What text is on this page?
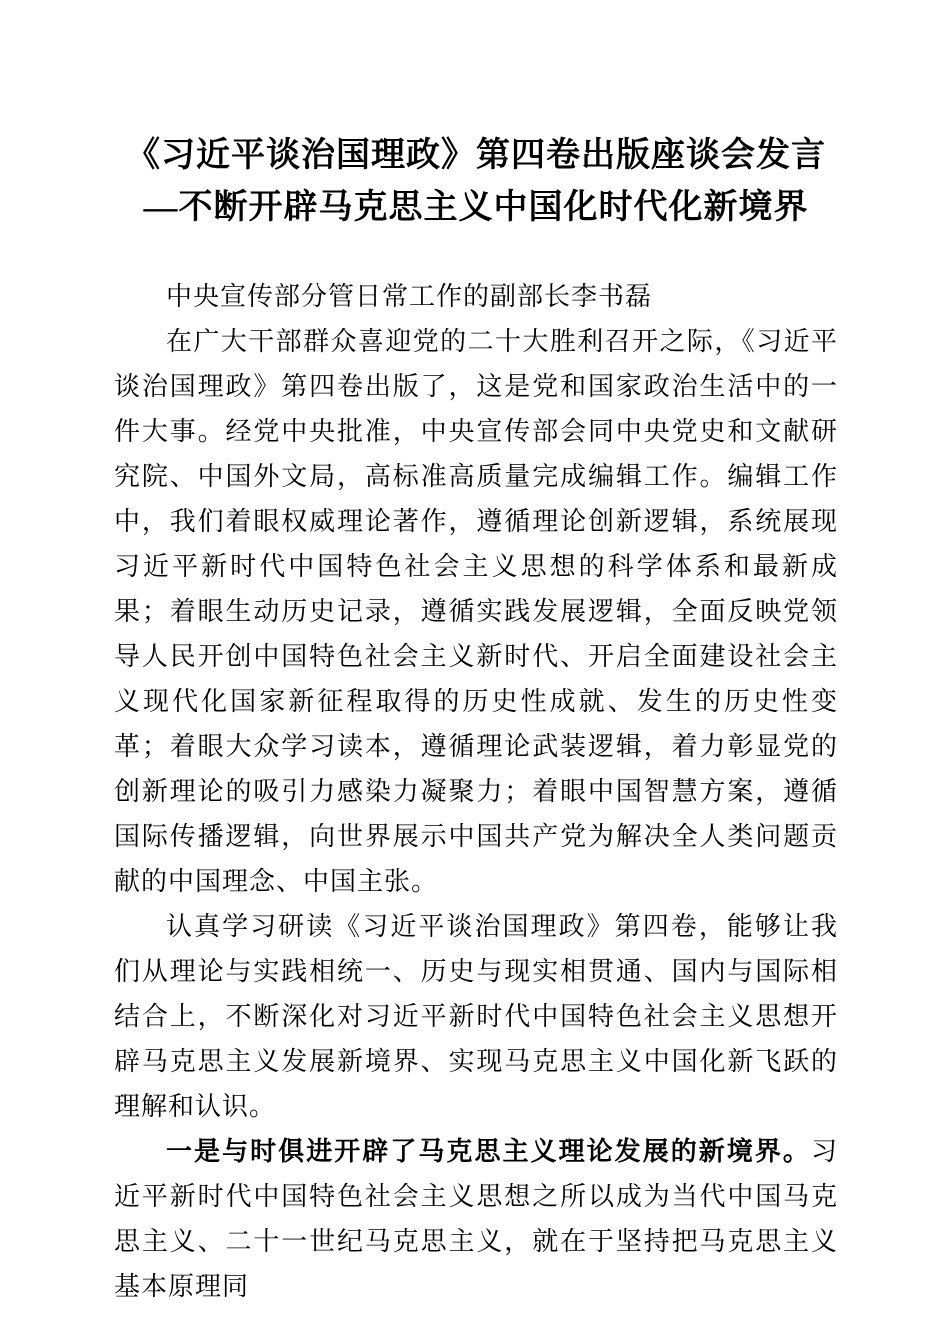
《习近平谈治国理政》第四卷出版座谈会发言
—不断开辟马克思主义中国化时代化新境界

中央宣传部分管日常工作的副部长李书磊

在广大干部群众喜迎党的二十大胜利召开之际，《习近平谈治国理政》第四卷出版了，这是党和国家政治生活中的一件大事。经党中央批准，中央宣传部会同中央党史和文献研究院、中国外文局，高标准高质量完成编辑工作。编辑工作中，我们着眼权威理论著作，遵循理论创新逻辑，系统展现习近平新时代中国特色社会主义思想的科学体系和最新成果；着眼生动历史记录，遵循实践发展逻辑，全面反映党领导人民开创中国特色社会主义新时代、开启全面建设社会主义现代化国家新征程取得的历史性成就、发生的历史性变革；着眼大众学习读本，遵循理论武装逻辑，着力彰显党的创新理论的吸引力感染力凝聚力；着眼中国智慧方案，遵循国际传播逻辑，向世界展示中国共产党为解决全人类问题贡献的中国理念、中国主张。

认真学习研读《习近平谈治国理政》第四卷，能够让我们从理论与实践相统一、历史与现实相贯通、国内与国际相结合上，不断深化对习近平新时代中国特色社会主义思想开辟马克思主义发展新境界、实现马克思主义中国化新飞跃的理解和认识。

一是与时俱进开辟了马克思主义理论发展的新境界。习近平新时代中国特色社会主义思想之所以成为当代中国马克思主义、二十一世纪马克思主义，就在于坚持把马克思主义基本原理同
